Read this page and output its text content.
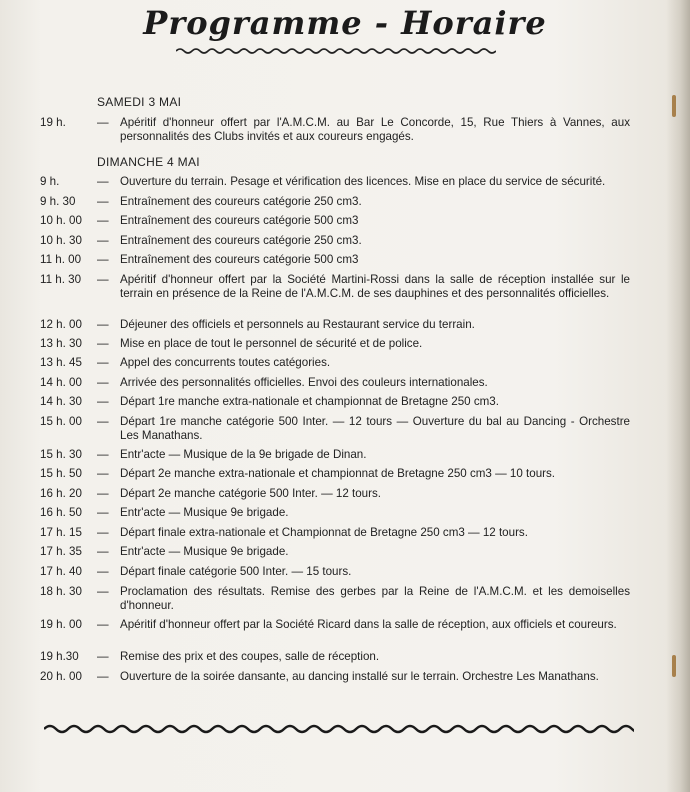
Programme - Horaire
SAMEDI 3 MAI
19 h.	— Apéritif d'honneur offert par l'A.M.C.M. au Bar Le Concorde, 15, Rue Thiers à Vannes, aux personnalités des Clubs invités et aux coureurs engagés.
DIMANCHE 4 MAI
9 h.	— Ouverture du terrain. Pesage et vérification des licences. Mise en place du service de sécurité.
9 h. 30	— Entraînement des coureurs catégorie 250 cm3.
10 h. 00	— Entraînement des coureurs catégorie 500 cm3
10 h. 30	— Entraînement des coureurs catégorie 250 cm3.
11 h. 00	— Entraînement des coureurs catégorie 500 cm3
11 h. 30	— Apéritif d'honneur offert par la Société Martini-Rossi dans la salle de réception installée sur le terrain en présence de la Reine de l'A.M.C.M. de ses dauphines et des personnalités officielles.
12 h. 00	— Déjeuner des officiels et personnels au Restaurant service du terrain.
13 h. 30	— Mise en place de tout le personnel de sécurité et de police.
13 h. 45	— Appel des concurrents toutes catégories.
14 h. 00	— Arrivée des personnalités officielles. Envoi des couleurs internationales.
14 h. 30	— Départ 1re manche extra-nationale et championnat de Bretagne 250 cm3.
15 h. 00	— Départ 1re manche catégorie 500 Inter. — 12 tours — Ouverture du bal au Dancing - Orchestre Les Manathans.
15 h. 30	— Entr'acte — Musique de la 9e brigade de Dinan.
15 h. 50	— Départ 2e manche extra-nationale et championnat de Bretagne 250 cm3 — 10 tours.
16 h. 20	— Départ 2e manche catégorie 500 Inter. — 12 tours.
16 h. 50	— Entr'acte — Musique 9e brigade.
17 h. 15	— Départ finale extra-nationale et Championnat de Bretagne 250 cm3 — 12 tours.
17 h. 35	— Entr'acte — Musique 9e brigade.
17 h. 40	— Départ finale catégorie 500 Inter. — 15 tours.
18 h. 30	— Proclamation des résultats. Remise des gerbes par la Reine de l'A.M.C.M. et les demoiselles d'honneur.
19 h. 00	— Apéritif d'honneur offert par la Société Ricard dans la salle de réception, aux officiels et coureurs.
19 h.30	— Remise des prix et des coupes, salle de réception.
20 h. 00	— Ouverture de la soirée dansante, au dancing installé sur le terrain. Orchestre Les Manathans.
